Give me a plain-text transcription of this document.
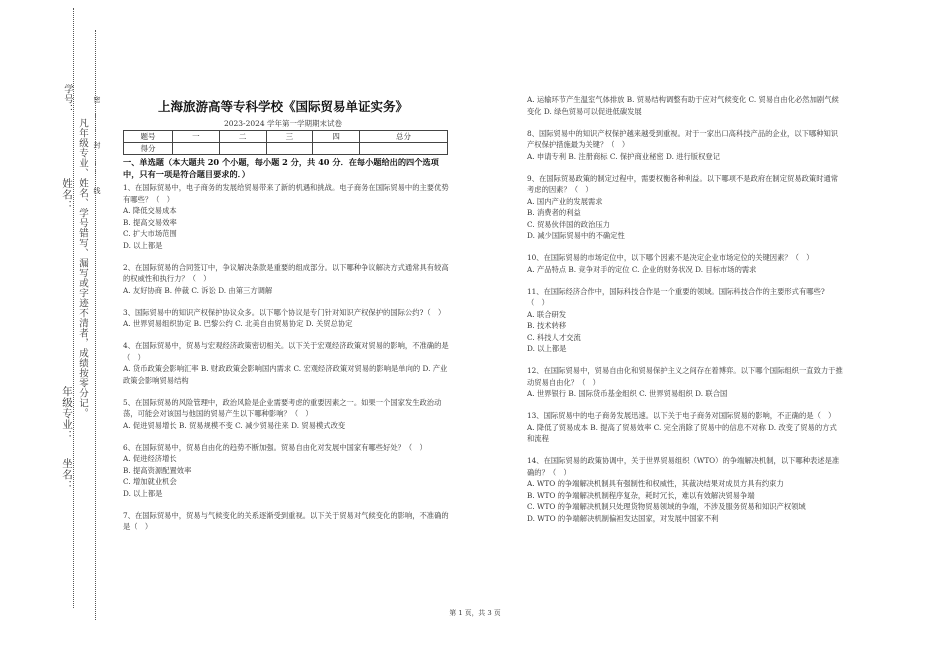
学号：
姓名： 凡年级专业、姓名、学号错写、漏写或字迹不清者，成绩按零分记。 密 …… 封 …… 线
年级专业：
坐名：
上海旅游高等专科学校《国际贸易单证实务》
2023-2024 学年第一学期期末试卷
题号	一	二	三	四	总分
得分					

一、单选题（本大题共 20 个小题，每小题 2 分，共 40 分．在每小题给出的四个选项中，只有一项是符合题目要求的．）

1、在国际贸易中，电子商务的发展给贸易带来了新的机遇和挑战。电子商务在国际贸易中的主要优势有哪些？（　）
A. 降低交易成本
B. 提高交易效率
C. 扩大市场范围
D. 以上都是

2、在国际贸易的合同签订中，争议解决条款是重要的组成部分。以下哪种争议解决方式通常具有较高的权威性和执行力？（　）
A. 友好协商 B. 仲裁 C. 诉讼 D. 由第三方调解

3、国际贸易中的知识产权保护协议众多。以下哪个协议是专门针对知识产权保护的国际公约?（　）
A. 世界贸易组织协定 B. 巴黎公约 C. 北美自由贸易协定 D. 关贸总协定

4、在国际贸易中，贸易与宏观经济政策密切相关。以下关于宏观经济政策对贸易的影响，不准确的是（　）
A. 货币政策会影响汇率 B. 财政政策会影响国内需求 C. 宏观经济政策对贸易的影响是单向的 D. 产业政策会影响贸易结构

5、在国际贸易的风险管理中，政治风险是企业需要考虑的重要因素之一。如果一个国家发生政治动荡，可能会对该国与他国的贸易产生以下哪种影响？（　）
A. 促进贸易增长 B. 贸易规模不变 C. 减少贸易往来 D. 贸易模式改变

6、在国际贸易中，贸易自由化的趋势不断加强。贸易自由化对发展中国家有哪些好处？（　）
A. 促进经济增长
B. 提高资源配置效率
C. 增加就业机会
D. 以上都是

7、在国际贸易中，贸易与气候变化的关系逐渐受到重视。以下关于贸易对气候变化的影响，不准确的是（　）

A. 运输环节产生温室气体排放 B. 贸易结构调整有助于应对气候变化 C. 贸易自由化必然加剧气候变化 D. 绿色贸易可以促进低碳发展

8、国际贸易中的知识产权保护越来越受到重视。对于一家出口高科技产品的企业，以下哪种知识产权保护措施最为关键？（　）
A. 申请专利 B. 注册商标 C. 保护商业秘密 D. 进行版权登记

9、在国际贸易政策的制定过程中，需要权衡各种利益。以下哪项不是政府在制定贸易政策时通常考虑的因素？（　）
A. 国内产业的发展需求
B. 消费者的利益
C. 贸易伙伴国的政治压力
D. 减少国际贸易中的不确定性

10、在国际贸易的市场定位中，以下哪个因素不是决定企业市场定位的关键因素？（　）
A. 产品特点 B. 竞争对手的定位 C. 企业的财务状况 D. 目标市场的需求

11、在国际经济合作中，国际科技合作是一个重要的领域。国际科技合作的主要形式有哪些?（　）
A. 联合研发
B. 技术转移
C. 科技人才交流
D. 以上都是

12、在国际贸易中，贸易自由化和贸易保护主义之间存在着博弈。以下哪个国际组织一直致力于推动贸易自由化？（　）
A. 世界银行 B. 国际货币基金组织 C. 世界贸易组织 D. 联合国

13、国际贸易中的电子商务发展迅速。以下关于电子商务对国际贸易的影响，不正确的是（　）
A. 降低了贸易成本 B. 提高了贸易效率 C. 完全消除了贸易中的信息不对称 D. 改变了贸易的方式和流程

14、在国际贸易的政策协调中，关于世界贸易组织（WTO）的争端解决机制，以下哪种表述是准确的？（　）
A. WTO 的争端解决机制具有强制性和权威性，其裁决结果对成员方具有约束力
B. WTO 的争端解决机制程序复杂，耗时冗长，难以有效解决贸易争端
C. WTO 的争端解决机制只处理货物贸易领域的争端，不涉及服务贸易和知识产权领域
D. WTO 的争端解决机制偏袒发达国家，对发展中国家不利

第 1 页，共 3 页
